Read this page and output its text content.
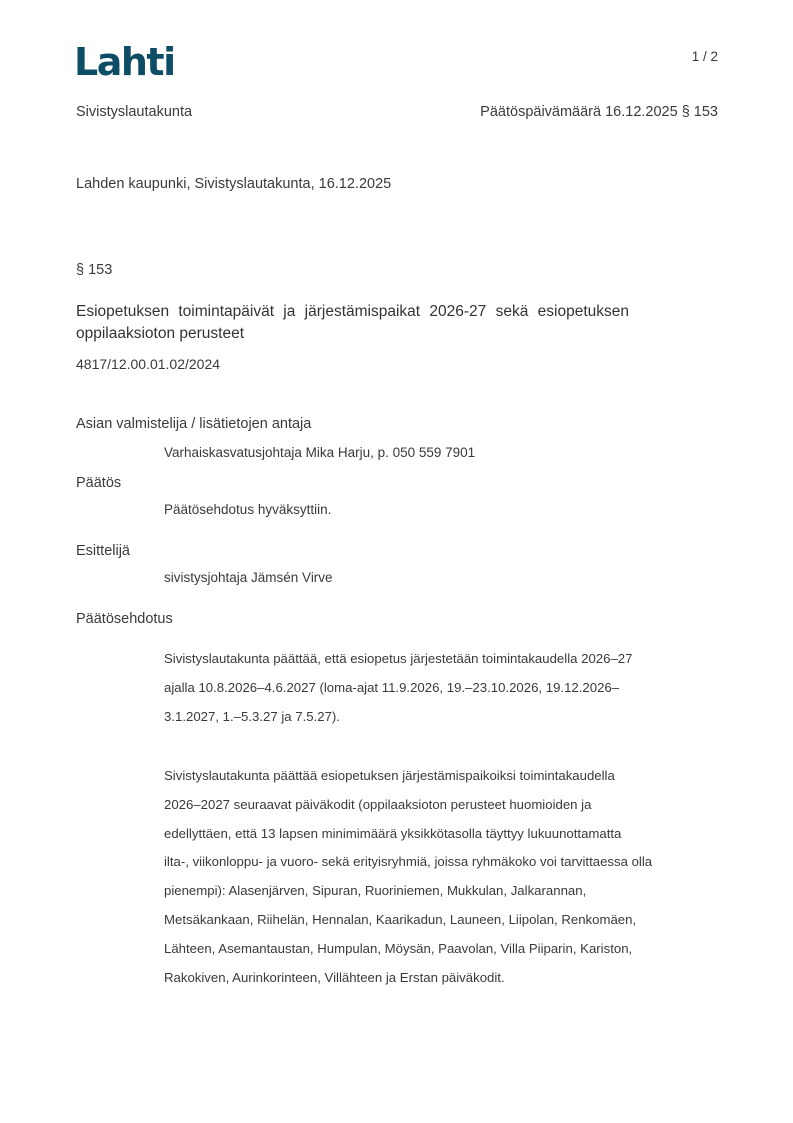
Lahti	1 / 2
Sivistyslautakunta	Päätöspäivämäärä 16.12.2025 § 153
Lahden kaupunki, Sivistyslautakunta, 16.12.2025
§ 153
Esiopetuksen toimintapäivät ja järjestämispaikat 2026-27 sekä esiopetuksen
oppilaaksioton perusteet
4817/12.00.01.02/2024
Asian valmistelija / lisätietojen antaja
Varhaiskasvatusjohtaja Mika Harju, p. 050 559 7901
Päätös
Päätösehdotus hyväksyttiin.
Esittelijä
sivistysjohtaja Jämsén Virve
Päätösehdotus
Sivistyslautakunta päättää, että esiopetus järjestetään toimintakaudella 2026–27
ajalla 10.8.2026–4.6.2027 (loma-ajat 11.9.2026, 19.–23.10.2026, 19.12.2026–
3.1.2027, 1.–5.3.27 ja 7.5.27).
Sivistyslautakunta päättää esiopetuksen järjestämispaikoiksi toimintakaudella
2026–2027 seuraavat päiväkodit (oppilaaksioton perusteet huomioiden ja
edellyttäen, että 13 lapsen minimimäärä yksikkötasolla täyttyy lukuunottamatta
ilta-, viikonloppu- ja vuoro- sekä erityisryhmiä, joissa ryhmäkoko voi tarvittaessa olla
pienempi): Alasenjärven, Sipuran, Ruoriniemen, Mukkulan, Jalkarannan,
Metsäkankaan, Riihelän, Hennalan, Kaarikadun, Launeen, Liipolan, Renkomäen,
Lähteen, Asemantaustan, Humpulan, Möysän, Paavolan, Villa Piiparin, Kariston,
Rakokiven, Aurinkorinteen, Villähteen ja Erstan päiväkodit.
